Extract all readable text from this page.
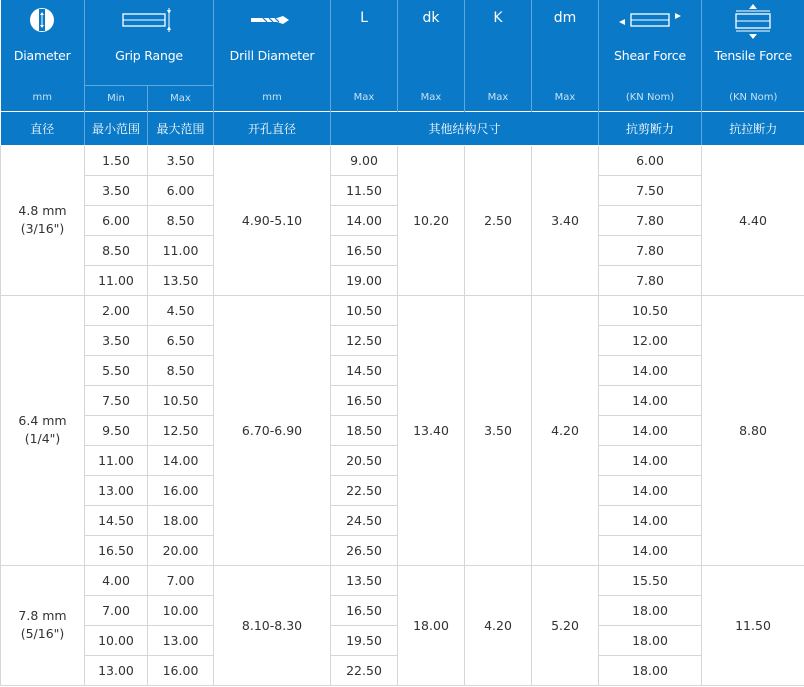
Diameter	Grip Range		Drill Diameter	L	dk	K	dm	Shear Force	Tensile Force

mm	Min	Max	mm	Max	Max	Max	Max	(KN Nom)	(KN Nom)
直径	最小范围	最大范围	开孔直径	其他结构尺寸				抗剪断力	抗拉断力

4.8 mm
(3/16")	1.50	3.50	4.90-5.10	9.00	10.20	2.50	3.40	6.00	4.40
	3.50	6.00		11.50				7.50	
	6.00	8.50		14.00				7.80	
	8.50	11.00		16.50				7.80	
	11.00	13.50		19.00				7.80	

6.4 mm
(1/4")	2.00	4.50	6.70-6.90	10.50	13.40	3.50	4.20	10.50	8.80
	3.50	6.50		12.50				12.00	
	5.50	8.50		14.50				14.00	
	7.50	10.50		16.50				14.00	
	9.50	12.50		18.50				14.00	
	11.00	14.00		20.50				14.00	
	13.00	16.00		22.50				14.00	
	14.50	18.00		24.50				14.00	
	16.50	20.00		26.50				14.00	

7.8 mm
(5/16")	4.00	7.00	8.10-8.30	13.50	18.00	4.20	5.20	15.50	11.50
	7.00	10.00		16.50				18.00	
	10.00	13.00		19.50				18.00	
	13.00	16.00		22.50				18.00	
